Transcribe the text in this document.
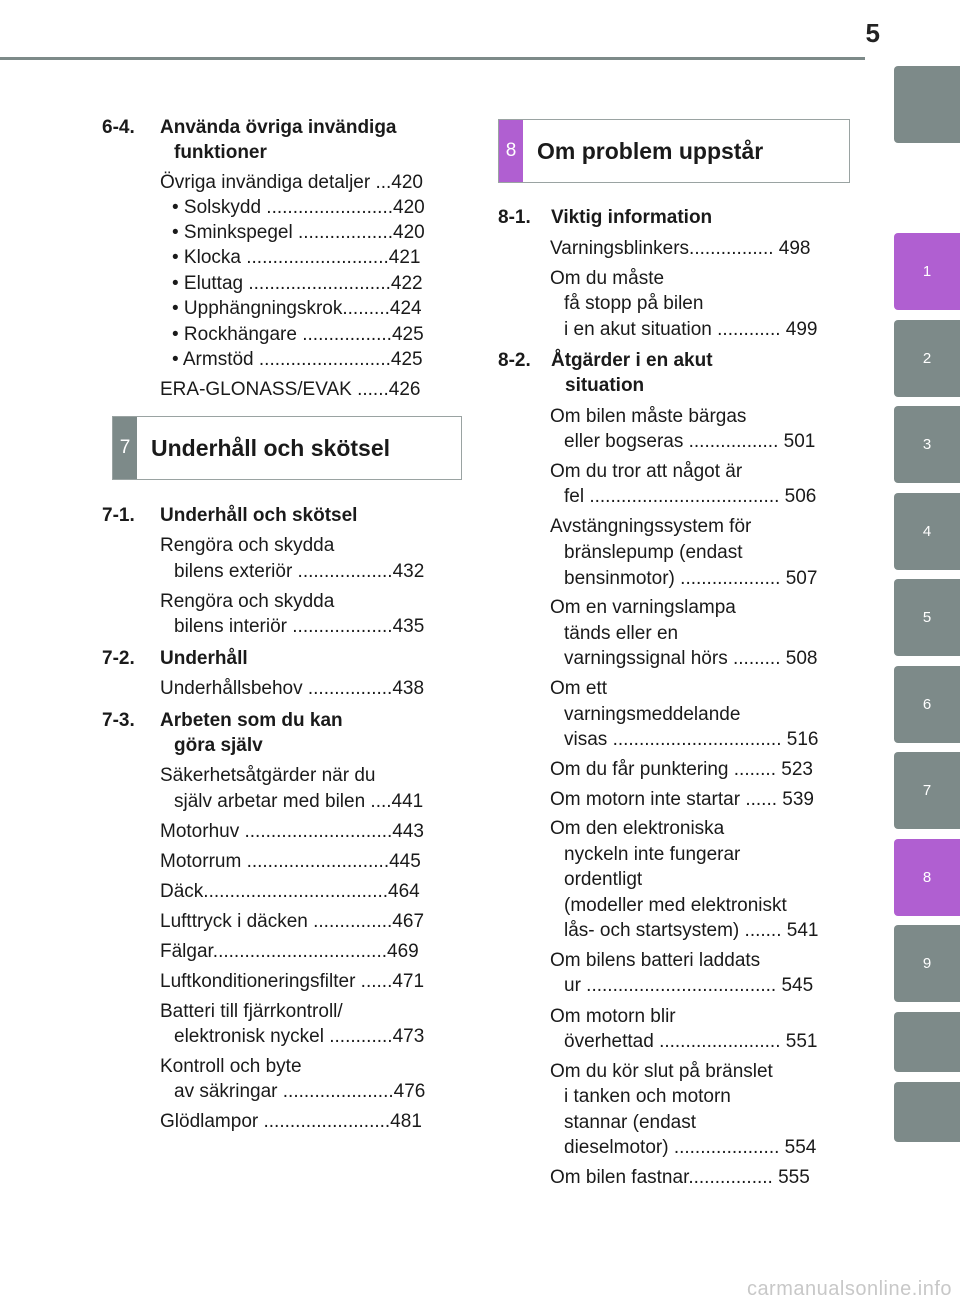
5
1
2
3
4
5
6
7
8
9
6-4. Använda övriga invändiga
funktioner
Övriga invändiga detaljer ...420
• Solskydd ........................420
• Sminkspegel ..................420
• Klocka ...........................421
• Eluttag ...........................422
• Upphängningskrok.........424
• Rockhängare .................425
• Armstöd .........................425
ERA-GLONASS/EVAK ......426
7 Underhåll och skötsel
7-1. Underhåll och skötsel
Rengöra och skydda
bilens exteriör ..................432
Rengöra och skydda
bilens interiör ...................435
7-2. Underhåll
Underhållsbehov ................438
7-3. Arbeten som du kan
göra själv
Säkerhetsåtgärder när du
själv arbetar med bilen ....441
Motorhuv ............................443
Motorrum ...........................445
Däck...................................464
Lufttryck i däcken ...............467
Fälgar.................................469
Luftkonditioneringsfilter ......471
Batteri till fjärrkontroll/
elektronisk nyckel ............473
Kontroll och byte
av säkringar .....................476
Glödlampor ........................481
8 Om problem uppstår
8-1. Viktig information
Varningsblinkers................ 498
Om du måste
få stopp på bilen
i en akut situation ............ 499
8-2. Åtgärder i en akut
situation
Om bilen måste bärgas
eller bogseras ................. 501
Om du tror att något är
fel .................................... 506
Avstängningssystem för
bränslepump (endast
bensinmotor) ................... 507
Om en varningslampa
tänds eller en
varningssignal hörs ......... 508
Om ett
varningsmeddelande
visas ................................ 516
Om du får punktering ........ 523
Om motorn inte startar ...... 539
Om den elektroniska
nyckeln inte fungerar
ordentligt
(modeller med elektroniskt
lås- och startsystem) ....... 541
Om bilens batteri laddats
ur .................................... 545
Om motorn blir
överhettad ....................... 551
Om du kör slut på bränslet
i tanken och motorn
stannar (endast
dieselmotor) .................... 554
Om bilen fastnar................ 555
carmanualsonline.info
